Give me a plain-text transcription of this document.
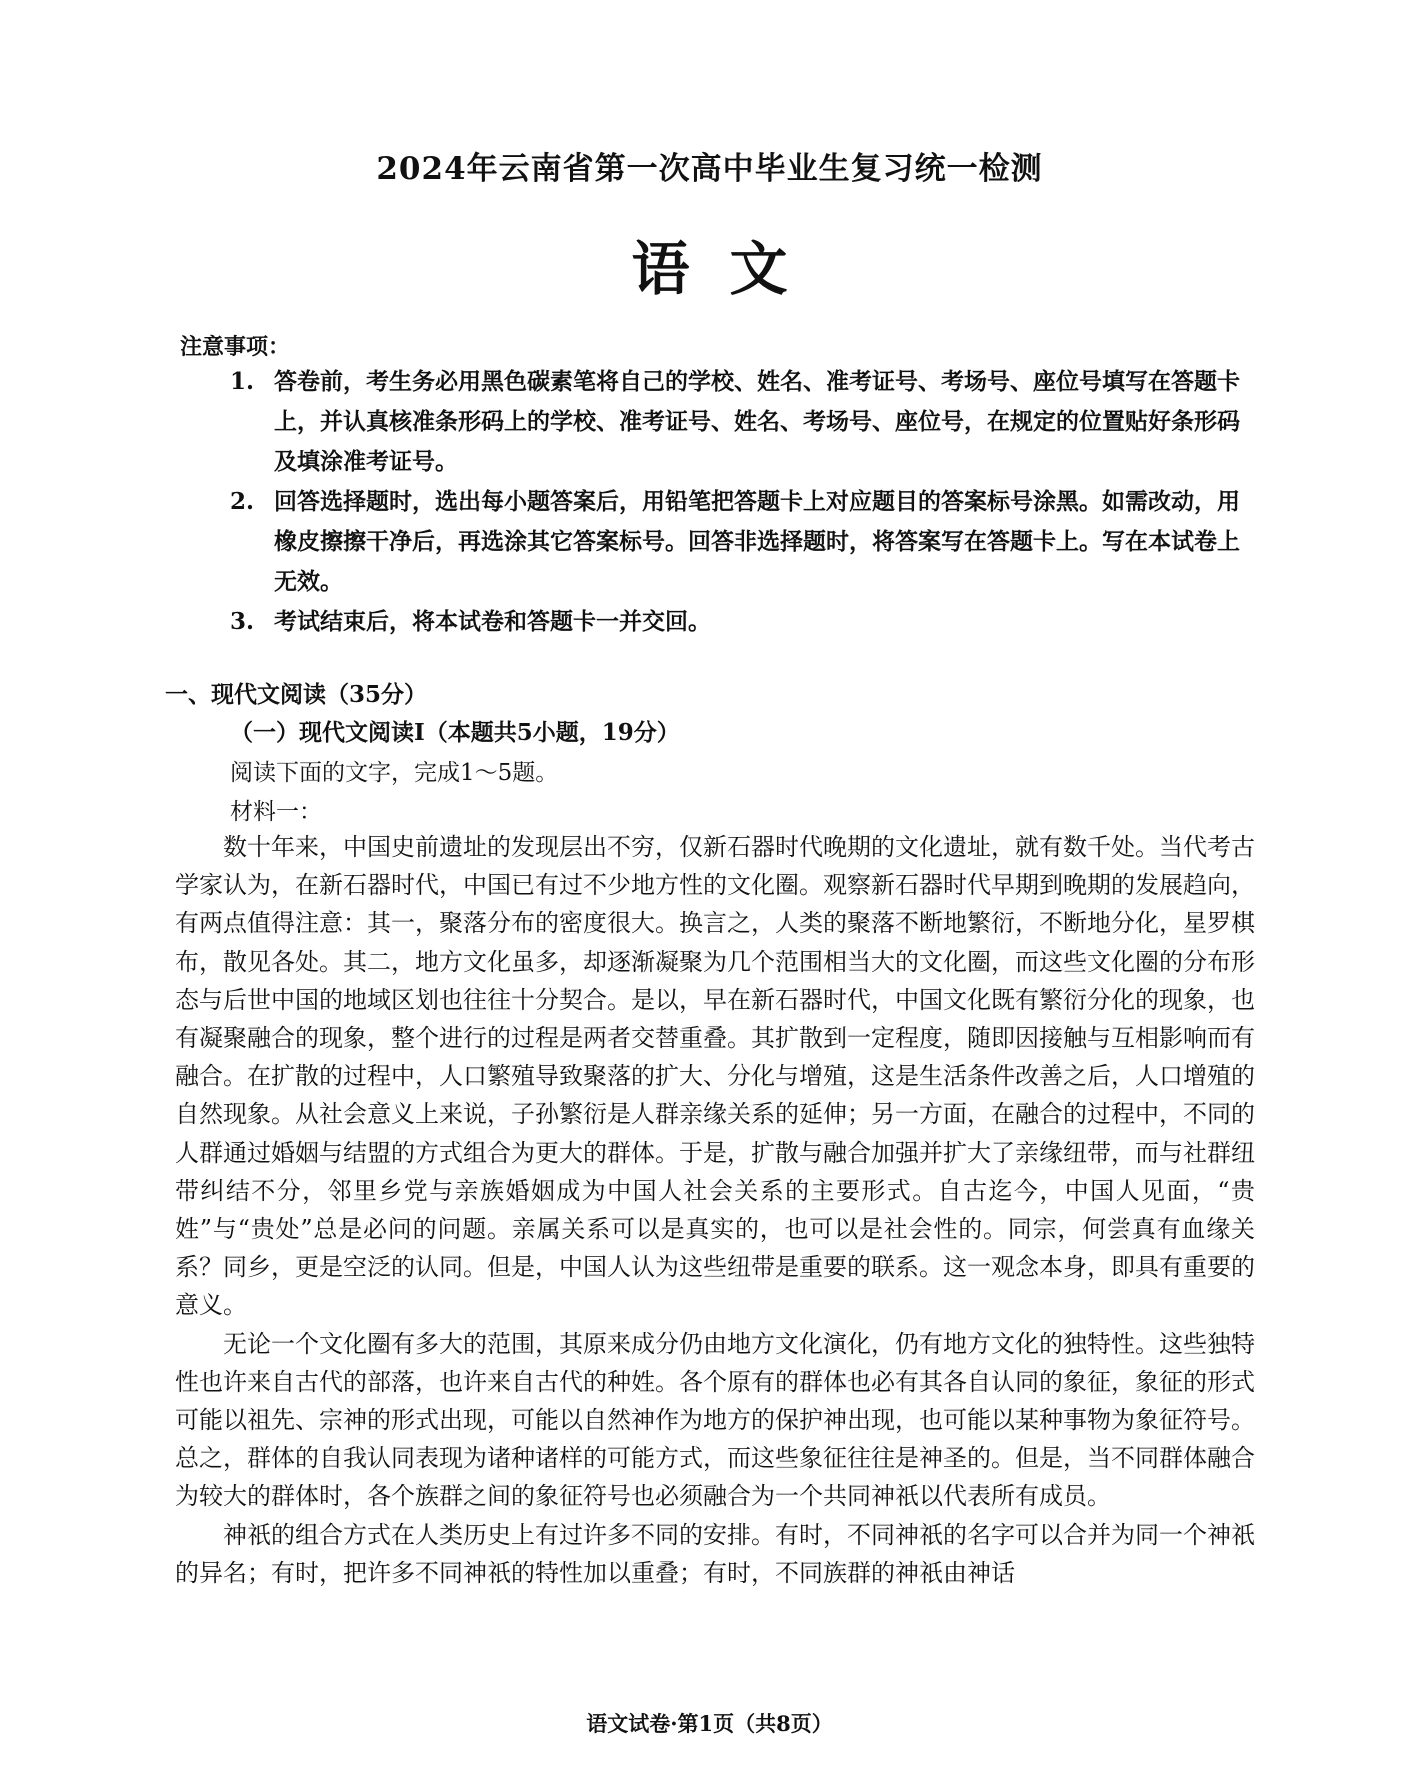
2024年云南省第一次高中毕业生复习统一检测
语文
注意事项：
1. 答卷前，考生务必用黑色碳素笔将自己的学校、姓名、准考证号、考场号、座位号填写在答题卡上，并认真核准条形码上的学校、准考证号、姓名、考场号、座位号，在规定的位置贴好条形码及填涂准考证号。
2. 回答选择题时，选出每小题答案后，用铅笔把答题卡上对应题目的答案标号涂黑。如需改动，用橡皮擦擦干净后，再选涂其它答案标号。回答非选择题时，将答案写在答题卡上。写在本试卷上无效。
3. 考试结束后，将本试卷和答题卡一并交回。
一、现代文阅读（35分）
（一）现代文阅读Ⅰ（本题共5小题，19分）
阅读下面的文字，完成1～5题。
材料一：

数十年来，中国史前遗址的发现层出不穷，仅新石器时代晚期的文化遗址，就有数千处。当代考古学家认为，在新石器时代，中国已有过不少地方性的文化圈。观察新石器时代早期到晚期的发展趋向，有两点值得注意：其一，聚落分布的密度很大。换言之，人类的聚落不断地繁衍，不断地分化，星罗棋布，散见各处。其二，地方文化虽多，却逐渐凝聚为几个范围相当大的文化圈，而这些文化圈的分布形态与后世中国的地域区划也往往十分契合。是以，早在新石器时代，中国文化既有繁衍分化的现象，也有凝聚融合的现象，整个进行的过程是两者交替重叠。其扩散到一定程度，随即因接触与互相影响而有融合。在扩散的过程中，人口繁殖导致聚落的扩大、分化与增殖，这是生活条件改善之后，人口增殖的自然现象。从社会意义上来说，子孙繁衍是人群亲缘关系的延伸；另一方面，在融合的过程中，不同的人群通过婚姻与结盟的方式组合为更大的群体。于是，扩散与融合加强并扩大了亲缘纽带，而与社群纽带纠结不分，邻里乡党与亲族婚姻成为中国人社会关系的主要形式。自古迄今，中国人见面，“贵姓”与“贵处”总是必问的问题。亲属关系可以是真实的，也可以是社会性的。同宗，何尝真有血缘关系？同乡，更是空泛的认同。但是，中国人认为这些纽带是重要的联系。这一观念本身，即具有重要的意义。

无论一个文化圈有多大的范围，其原来成分仍由地方文化演化，仍有地方文化的独特性。这些独特性也许来自古代的部落，也许来自古代的种姓。各个原有的群体也必有其各自认同的象征，象征的形式可能以祖先、宗神的形式出现，可能以自然神作为地方的保护神出现，也可能以某种事物为象征符号。总之，群体的自我认同表现为诸种诸样的可能方式，而这些象征往往是神圣的。但是，当不同群体融合为较大的群体时，各个族群之间的象征符号也必须融合为一个共同神祇以代表所有成员。

神祇的组合方式在人类历史上有过许多不同的安排。有时，不同神祇的名字可以合并为同一个神祇的异名；有时，把许多不同神祇的特性加以重叠；有时，不同族群的神祇由神话

语文试卷·第1页（共8页）
